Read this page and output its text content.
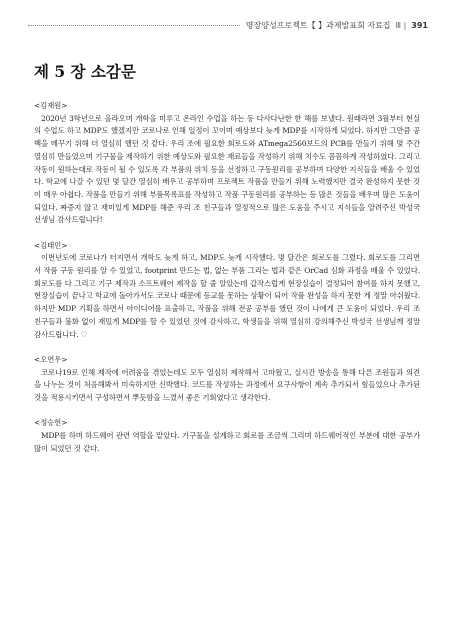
명장양성프로젝트【 】과제발표회 자료집 Ⅲ | 391
제 5 장 소감문

<김재원>

2020년 3학년으로 올라오며 개학을 미루고 온라인 수업을 하는 등 다사다난한 한 해를 보냈다. 원래라면 3월부터 현실의 수업도 하고 MDP도 했겠지만 코로나로 인해 일정이 꼬이며 예상보다 늦게 MDP를 시작하게 되었다. 하지만 그만큼 공백을 메꾸기 위해 더 열심히 했던 것 같다. 우리 조에 필요한 회로도와 ATmega2560보드의 PCB를 만들기 위해 몇 주간 열심히 만들었으며 기구물을 제작하기 위한 예상도와 필요한 재료들을 작성하기 위해 치수도 꼼꼼하게 작성하였다. 그리고 작동이 원하는대로 작동이 될 수 있도록 각 부품의 위치 등을 선정하고 구동원리를 공부하며 다양한 지식들을 배울 수 있었다. 학교에 나갈 수 있던 몇 달간 열심히 배우고 공부하며 프로젝트 작품을 만들기 위해 노력했지만 결국 완성하지 못한 것이 매우 아쉽다. 작품을 만들기 위해 부품목록표를 작성하고 작품 구동원리를 공부하는 등 많은 것들을 배우며 많은 도움이 되었다. 짜증지 않고 재미있게 MDP를 해준 우리 조 친구들과 열정적으로 많은 도움을 주시고 지식들을 알려주신 박성국 선생님 감사드립니다!

<김태민>

이번년도에 코로나가 터지면서 개학도 늦게 하고, MDP도 늦게 시작했다. 몇 달간은 회로도를 그렸다. 회로도를 그리면서 작품 구동 원리를 알 수 있었고, footprint 만드는 법, 없는 부품 그리는 법과 같은 OrCad 심화 과정을 배울 수 있었다. 회로도를 다 그리고 기구 제작과 소프트웨어 제작을 할 줄 알았는데 갑작스럽게 현장실습이 결정되어 참여를 하지 못했고, 현장실습이 끝나고 학교에 돌아가서도 코로나 때문에 등교를 못하는 상황이 되어 작품 완성을 하지 못한 게 정말 아쉬웠다. 하지만 MDP 기획을 하면서 아이디어를 표출하고, 작품을 위해 전공 공부를 했던 것이 나에게 큰 도움이 되었다. 우리 조 친구들과 불화 없이 재밌게 MDP를 할 수 있었던 것에 감사하고, 학생들을 위해 열심히 강의해주신 박성국 선생님께 정말 감사드립니다. ♡

<오연우>

코로나19로 인해 제작에 어려움을 겪었는데도 모두 열심히 제작해서 고마웠고, 실시간 방송을 통해 다른 조원들과 의견을 나누는 것이 처음해봐서 미숙하지만 신박했다. 코드를 작성하는 과정에서 요구사항이 계속 추가되서 힘들었으나 추가된 것을 적용시키면서 구성하면서 뿌듯함을 느꼈서 좋은 기회였다고 생각한다.

<정승헌>

MDP를 하며 하드웨어 관련 역할을 맡았다. 기구물을 설계하고 회로를 조금씩 그리며 하드웨어적인 부분에 대한 공부가 많이 되었던 것 같다.
